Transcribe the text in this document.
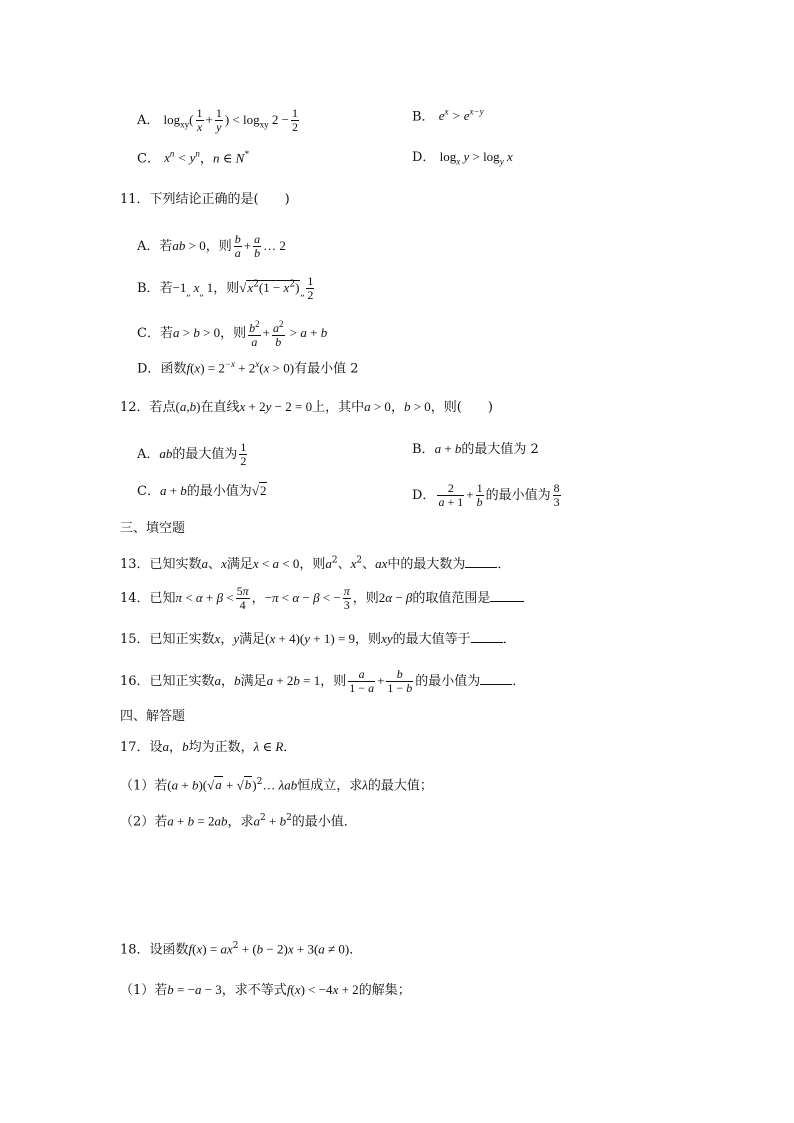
A． $\log_{xy}( \frac{1}{x} + \frac{1}{y}$ ) < $\log_{xy} 2 - \frac{1}{2}$	B． $e^x > e^{x-y}$
C． $x^n < y^n$，n ∈ N*	D． $\log_x y > \log_y x$
11．下列结论正确的是(　　)
A．若ab > 0，则 $\frac{b}{a} + \frac{a}{b}$ … 2
B．若$-1_„$ $x_„$ 1，则$√x^2(1 - x^2)_„ \frac{1}{2}$
C．若a > b > 0，则 $\frac{b^2}{a} + \frac{a^2}{b} > a + b$
D．函数$f(x) = 2^{-x} + 2^x(x > 0)$有最小值 2
12．若点(a,b)在直线x + 2y − 2 = 0上，其中a > 0，b > 0，则(　　)
A．ab的最大值为 $\frac{1}{2}$	B．a + b的最大值为 2
C．a + b的最小值为√2	D． $\frac{2}{a + 1} + \frac{1}{b}$ 的最小值为 $\frac{8}{3}$
三、填空题
13．已知实数a、x满足x < a < 0，则$a^2$、$x^2$、ax中的最大数为 ．
14．已知$\pi < \alpha + \beta < \frac{5\pi}{4}$ ，−π < α − β < − $\frac{\pi}{3}$ ，则2α − β的取值范围是
15．已知正实数x，y满足(x + 4)(y + 1) = 9，则xy的最大值等于 ．
16．已知正实数a，b满足a + 2b = 1，则 $\frac{a}{1 - a} + \frac{b}{1 - b}$ 的最小值为 ．
四、解答题
17．设a，b均为正数，λ ∈ R．
（1）若$(a + b)(√a + √b)^2\dots$ λab恒成立，求λ的最大值；
（2）若a + b = 2ab，求$a^2 + b^2$的最小值．
18．设函数$f(x) = ax^2 + (b - 2)x + 3(a \ne 0)$．
（1）若b = −a − 3，求不等式f(x) < −4x + 2的解集；
